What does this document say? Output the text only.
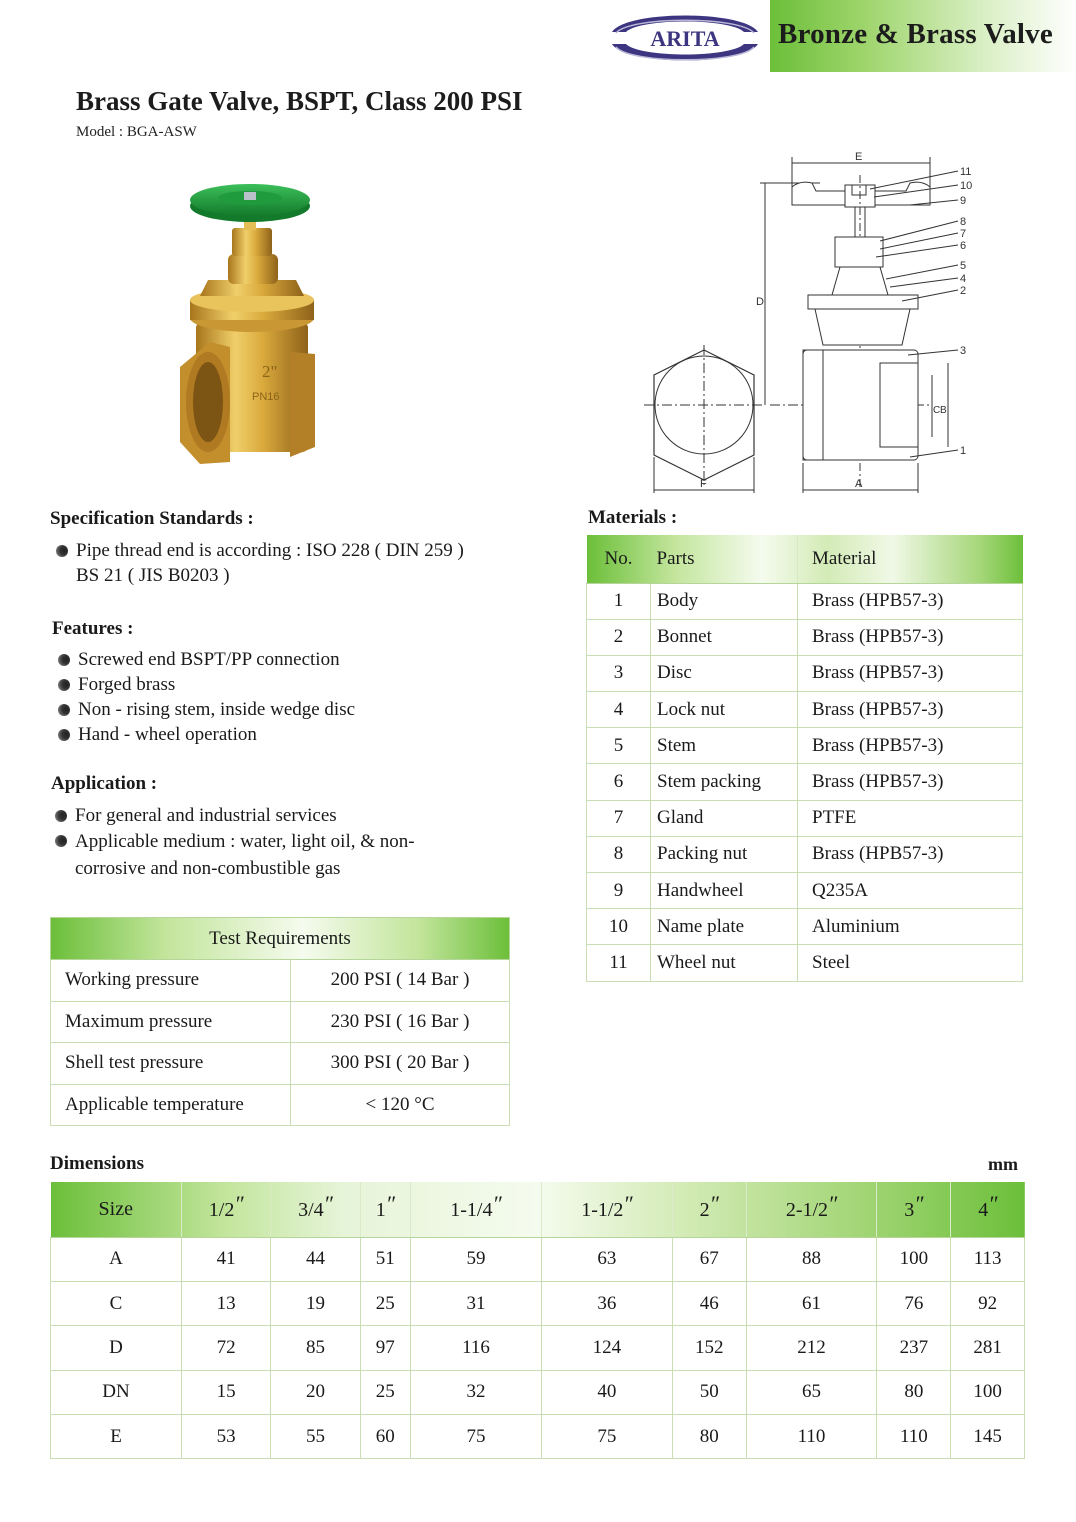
ARITA Bronze & Brass Valve
Brass Gate Valve, BSPT, Class 200 PSI
Model : BGA-ASW
2"
PN16
F
D
E
C B
A
11
10
9
8
7
6
5
4
2
3
1
Specification Standards :
Pipe thread end is according : ISO 228 ( DIN 259 )
BS 21 ( JIS B0203 )
Features :
Screwed end BSPT/PP connection
Forged brass
Non - rising stem, inside wedge disc
Hand - wheel operation
Application :
For general and industrial services
Applicable medium : water, light oil, & non-
corrosive and non-combustible gas
Test Requirements	
Working pressure	200 PSI ( 14 Bar )
Maximum pressure	230 PSI ( 16 Bar )
Shell test pressure	300 PSI ( 20 Bar )
Applicable temperature	< 120 °C
Materials :
No.	Parts	Material
1	Body	Brass (HPB57-3)
2	Bonnet	Brass (HPB57-3)
3	Disc	Brass (HPB57-3)
4	Lock nut	Brass (HPB57-3)
5	Stem	Brass (HPB57-3)
6	Stem packing	Brass (HPB57-3)
7	Gland	PTFE
8	Packing nut	Brass (HPB57-3)
9	Handwheel	Q235A
10	Name plate	Aluminium
11	Wheel nut	Steel
Dimensions	mm
Size	1/2″	3/4″	1″	1-1/4″	1-1/2″	2″	2-1/2″	3″	4″
A	41	44	51	59	63	67	88	100	113
C	13	19	25	31	36	46	61	76	92
D	72	85	97	116	124	152	212	237	281
DN	15	20	25	32	40	50	65	80	100
E	53	55	60	75	75	80	110	110	145
